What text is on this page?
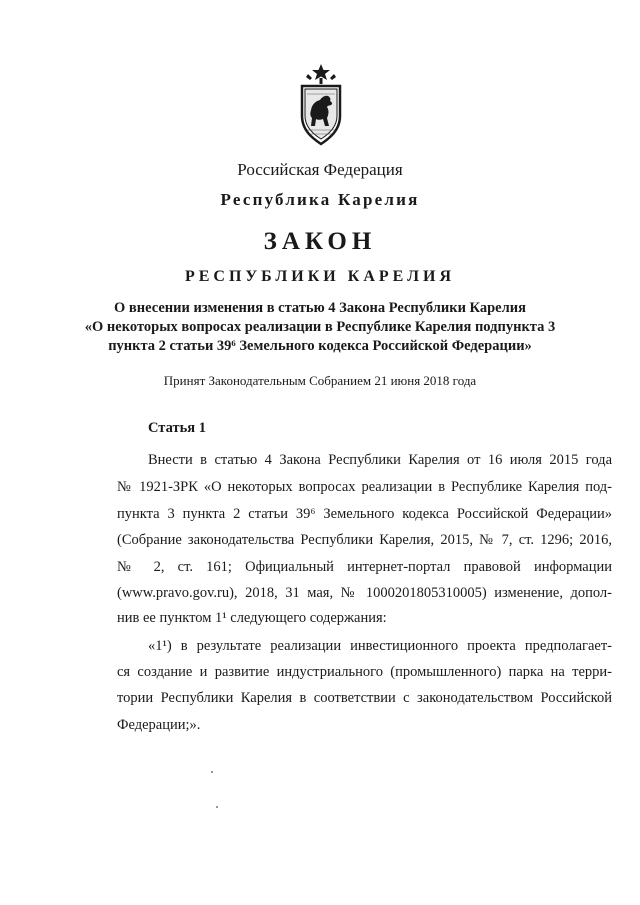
Российская Федерация
Республика Карелия
ЗАКОН
РЕСПУБЛИКИ КАРЕЛИЯ
О внесении изменения в статью 4 Закона Республики Карелия
«О некоторых вопросах реализации в Республике Карелия подпункта 3
пункта 2 статьи 39⁶ Земельного кодекса Российской Федерации»
Принят Законодательным Собранием 21 июня 2018 года
Статья 1
Внести в статью 4 Закона Республики Карелия от 16 июля 2015 года
№ 1921-ЗРК «О некоторых вопросах реализации в Республике Карелия под-
пункта 3 пункта 2 статьи 39⁶ Земельного кодекса Российской Федерации»
(Собрание законодательства Республики Карелия, 2015, № 7, ст. 1296; 2016,
№ 2, ст. 161; Официальный интернет-портал правовой информации
(www.pravo.gov.ru), 2018, 31 мая, № 1000201805310005) изменение, допол-
нив ее пунктом 1¹ следующего содержания:
«1¹) в результате реализации инвестиционного проекта предполагает-
ся создание и развитие индустриального (промышленного) парка на терри-
тории Республики Карелия в соответствии с законодательством Российской
Федерации;».
